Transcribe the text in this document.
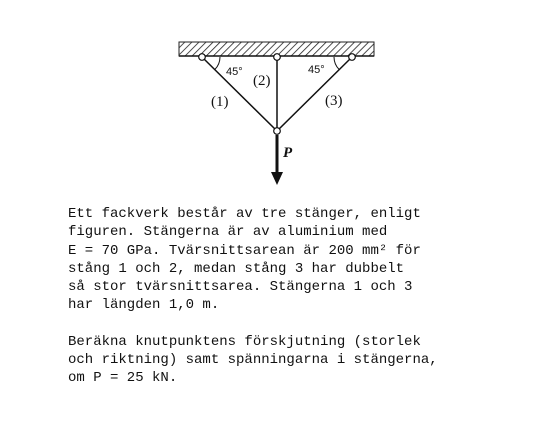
45°	45°
(1)
(2)
(3)
P

Ett fackverk består av tre stänger, enligt

figuren. Stängerna är av aluminium med

E = 70 GPa. Tvärsnittsarean är 200 mm² för

stång 1 och 2, medan stång 3 har dubbelt

så stor tvärsnittsarea. Stängerna 1 och 3

har längden 1,0 m.

Beräkna knutpunktens förskjutning (storlek

och riktning) samt spänningarna i stängerna,

om P = 25 kN.
